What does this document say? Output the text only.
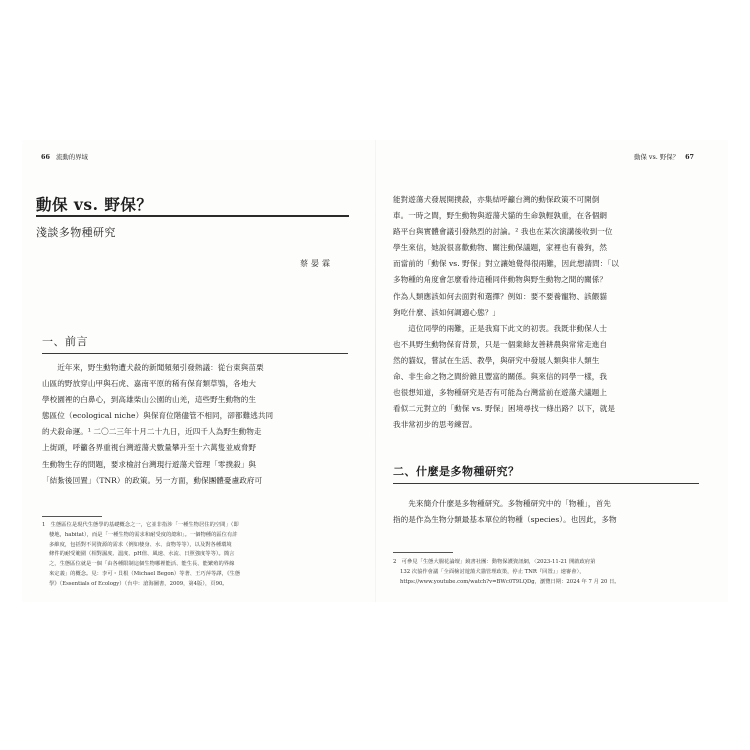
66 流動的界域
動保 vs. 野保？
淺談多物種研究
蔡晏霖
一、前言
　　近年來，野生動物遭犬殺的新聞頻頻引發熱議：從台東與苗栗
山區的野放穿山甲與石虎、嘉南平原的稀有保育類草鴞，各地大
學校園裡的白鼻心，到高雄柴山公園的山羌，這些野生動物的生
態區位（ecological niche）與保育位階儘管不相同，卻都難逃共同
的犬殺命運。¹ 二〇二三年十月二十九日，近四千人為野生動物走
上街頭，呼籲各界重視台灣遊蕩犬數量攀升至十六萬隻並威脅野
生動物生存的問題，要求檢討台灣現行遊蕩犬管理「零撲殺」與
「結紮後回置」（TNR）的政策。另一方面，動保團體憂慮政府可
1　生態區位是現代生態學的基礎概念之一，它並非指涉「一種生物居住的空間」（即
　 棲地，habitat），而是「一種生物的需求和耐受度的總和」。一個物種的區位有許
　 多維度，包括對不同資源的需求（例如棲身、水、食物等等），以及對各種環境
　 條件的耐受範圍（相對濕度、溫度、pH值、風速、水流、日照強度等等）。簡言
　 之，生態區位就是一個「由各種限制這個生物哪裡能活、能生長、能繁殖的界線
　 來定義」的概念。見：李可・貝根（Michael Begon）等著、王巧萍等譯，《生態
　 學》（Essentials of Ecology）（台中：滄海圖書，2009，第4版），頁90。
動保 vs. 野保？ 67
能對遊蕩犬發展開撲殺，亦集結呼籲台灣的動保政策不可開倒
車。一時之間，野生動物與遊蕩犬貓的生命孰輕孰重，在各個網
路平台與實體會議引發熱烈的討論。² 我也在某次演講後收到一位
學生來信，她說很喜歡動物、關注動保議題，家裡也有養狗，然
而當前的「動保 vs. 野保」對立讓她覺得很兩難，因此想請問：「以
多物種的角度會怎麼看待這種同伴動物與野生動物之間的關係？
作為人類應該如何去面對和選擇？例如：要不要養寵物、該餵貓
狗吃什麼、該如何調適心態？」
　　這位同學的兩難，正是我寫下此文的初衷。我既非動保人士
也不具野生動物保育背景，只是一個業餘友善耕農與常常走進自
然的貓奴，嘗試在生活、教學，與研究中發展人類與非人類生
命、非生命之物之間紛雜且豐富的關係。與來信的同學一樣，我
也很想知道，多物種研究是否有可能為台灣當前在遊蕩犬議題上
看似二元對立的「動保 vs. 野保」困境尋找一條出路？以下，就是
我非常初步的思考練習。
二、什麼是多物種研究？
　　先來簡介什麼是多物種研究。多物種研究中的「物種」，首先
指的是作為生物分類最基本單位的物種（species）。也因此，多物
2　可參見「生態大腸花論壇」鏡書社團：動物保護資訊網，〈2023-11-21 開啟政府第
　 132 次協作會議「全面檢討遊蕩犬貓管理政策，停止 TNR『回置』」速審會〉，
　 https://www.youtube.com/watch?v=BWc0T9LQDg，瀏覽日期：2024 年 7 月 20 日。
